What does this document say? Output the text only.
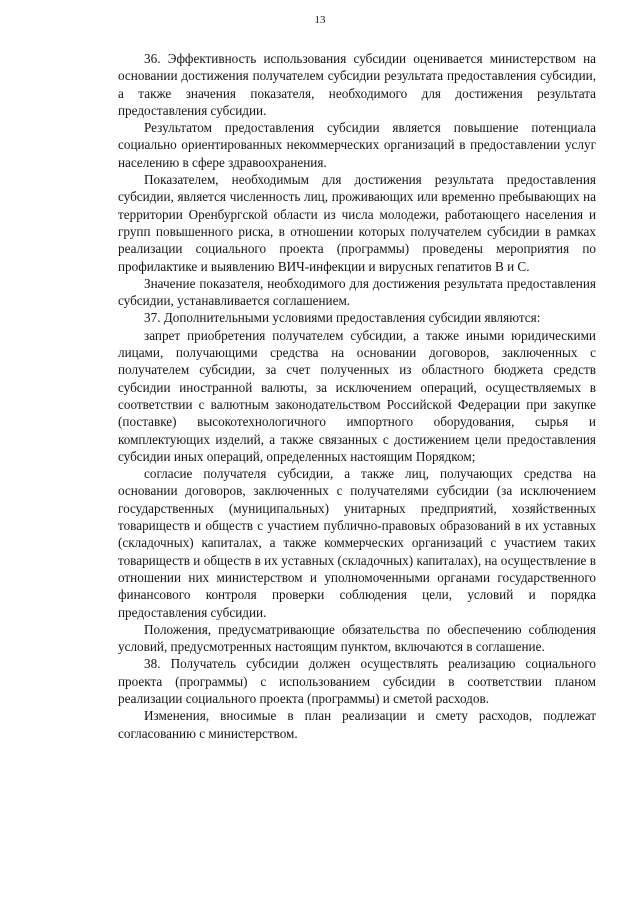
13

36. Эффективность использования субсидии оценивается министерством на основании достижения получателем субсидии результата предоставления субсидии, а также значения показателя, необходимого для достижения результата предоставления субсидии.

Результатом предоставления субсидии является повышение потенциала социально ориентированных некоммерческих организаций в предоставлении услуг населению в сфере здравоохранения.

Показателем, необходимым для достижения результата предоставления субсидии, является численность лиц, проживающих или временно пребывающих на территории Оренбургской области из числа молодежи, работающего населения и групп повышенного риска, в отношении которых получателем субсидии в рамках реализации социального проекта (программы) проведены мероприятия по профилактике и выявлению ВИЧ-инфекции и вирусных гепатитов В и С.

Значение показателя, необходимого для достижения результата предоставления субсидии, устанавливается соглашением.

37. Дополнительными условиями предоставления субсидии являются:

запрет приобретения получателем субсидии, а также иными юридическими лицами, получающими средства на основании договоров, заключенных с получателем субсидии, за счет полученных из областного бюджета средств субсидии иностранной валюты, за исключением операций, осуществляемых в соответствии с валютным законодательством Российской Федерации при закупке (поставке) высокотехнологичного импортного оборудования, сырья и комплектующих изделий, а также связанных с достижением цели предоставления субсидии иных операций, определенных настоящим Порядком;

согласие получателя субсидии, а также лиц, получающих средства на основании договоров, заключенных с получателями субсидии (за исключением государственных (муниципальных) унитарных предприятий, хозяйственных товариществ и обществ с участием публично-правовых образований в их уставных (складочных) капиталах, а также коммерческих организаций с участием таких товариществ и обществ в их уставных (складочных) капиталах), на осуществление в отношении них министерством и уполномоченными органами государственного финансового контроля проверки соблюдения цели, условий и порядка предоставления субсидии.

Положения, предусматривающие обязательства по обеспечению соблюдения условий, предусмотренных настоящим пунктом, включаются в соглашение.

38. Получатель субсидии должен осуществлять реализацию социального проекта (программы) с использованием субсидии в соответствии планом реализации социального проекта (программы) и сметой расходов.

Изменения, вносимые в план реализации и смету расходов, подлежат согласованию с министерством.
